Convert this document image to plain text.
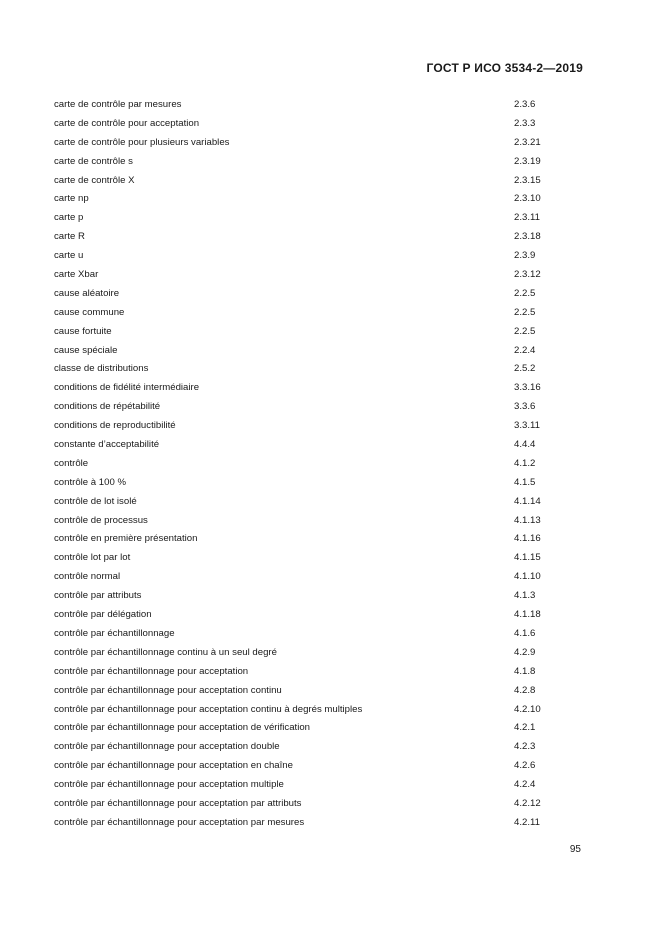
ГОСТ Р ИСО 3534-2—2019
carte de contrôle par mesures	2.3.6
carte de contrôle pour acceptation	2.3.3
carte de contrôle pour plusieurs variables	2.3.21
carte de contrôle s	2.3.19
carte de contrôle X	2.3.15
carte np	2.3.10
carte p	2.3.11
carte R	2.3.18
carte u	2.3.9
carte Xbar	2.3.12
cause aléatoire	2.2.5
cause commune	2.2.5
cause fortuite	2.2.5
cause spéciale	2.2.4
classe de distributions	2.5.2
conditions de fidélité intermédiaire	3.3.16
conditions de répétabilité	3.3.6
conditions de reproductibilité	3.3.11
constante d’acceptabilité	4.4.4
contrôle	4.1.2
contrôle à 100 %	4.1.5
contrôle de lot isolé	4.1.14
contrôle de processus	4.1.13
contrôle en première présentation	4.1.16
contrôle lot par lot	4.1.15
contrôle normal	4.1.10
contrôle par attributs	4.1.3
contrôle par délégation	4.1.18
contrôle par échantillonnage	4.1.6
contrôle par échantillonnage continu à un seul degré	4.2.9
contrôle par échantillonnage pour acceptation	4.1.8
contrôle par échantillonnage pour acceptation continu	4.2.8
contrôle par échantillonnage pour acceptation continu à degrés multiples	4.2.10
contrôle par échantillonnage pour acceptation de vérification	4.2.1
contrôle par échantillonnage pour acceptation double	4.2.3
contrôle par échantillonnage pour acceptation en chaîne	4.2.6
contrôle par échantillonnage pour acceptation multiple	4.2.4
contrôle par échantillonnage pour acceptation par attributs	4.2.12
contrôle par échantillonnage pour acceptation par mesures	4.2.11
95
